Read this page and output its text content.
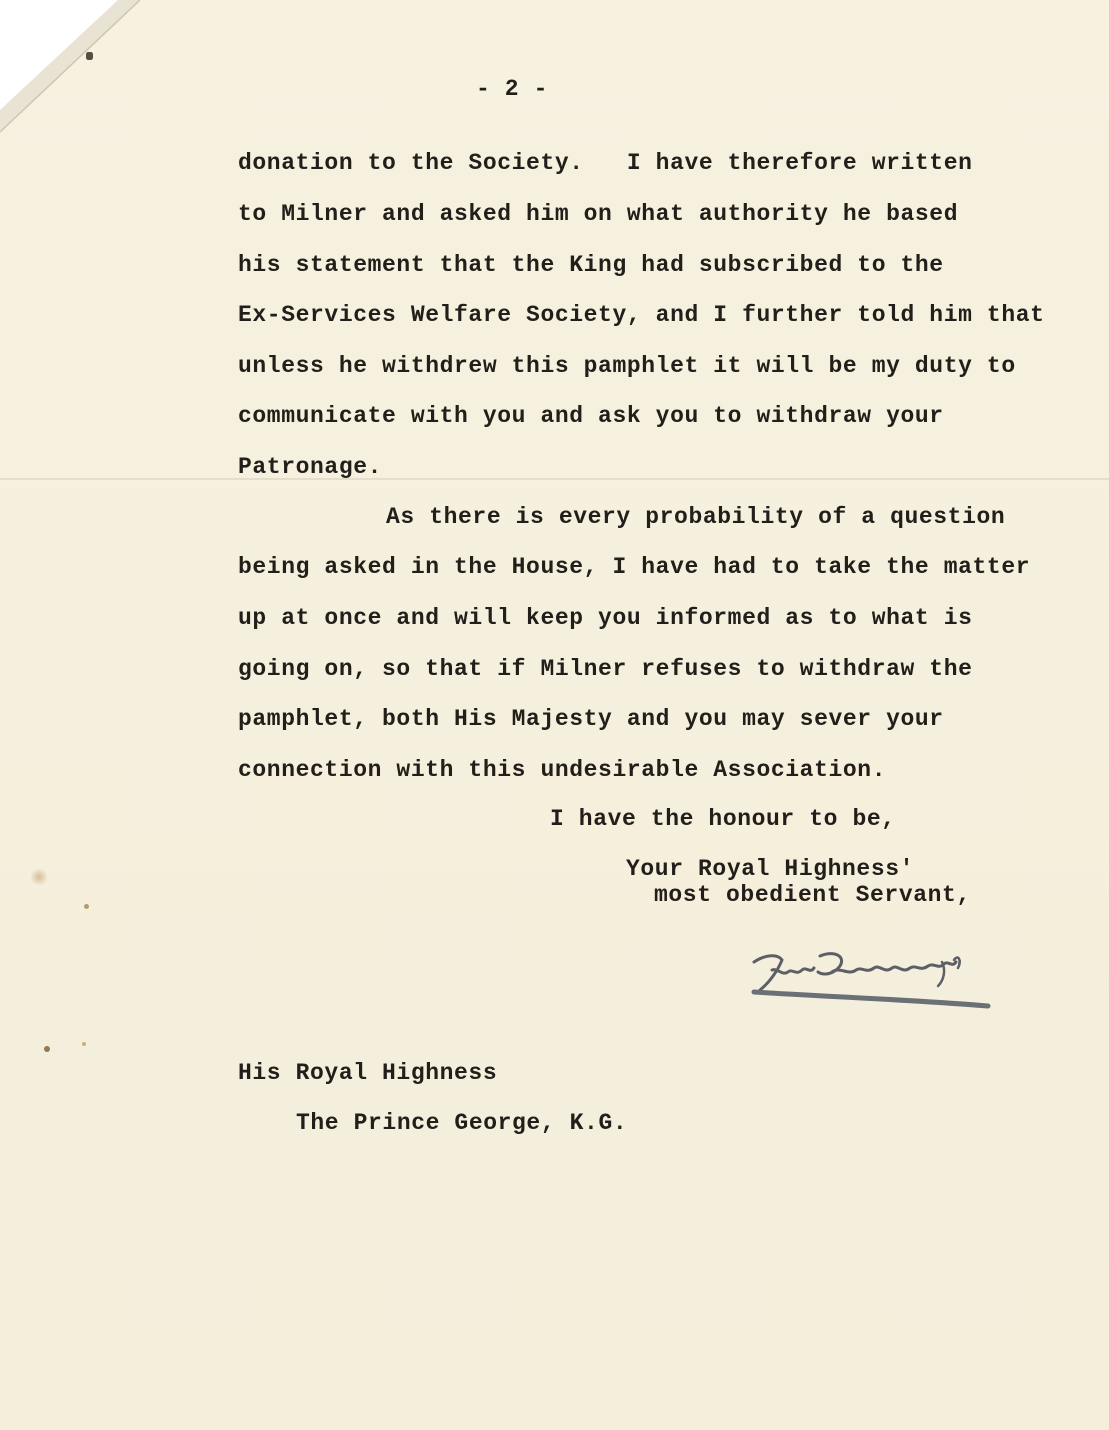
- 2 -
donation to the Society.   I have therefore written
to Milner and asked him on what authority he based
his statement that the King had subscribed to the
Ex-Services Welfare Society, and I further told him that
unless he withdrew this pamphlet it will be my duty to
communicate with you and ask you to withdraw your
Patronage.
As there is every probability of a question
being asked in the House, I have had to take the matter
up at once and will keep you informed as to what is
going on, so that if Milner refuses to withdraw the
pamphlet, both His Majesty and you may sever your
connection with this undesirable Association.
I have the honour to be,
Your Royal Highness'
most obedient Servant,
His Royal Highness
The Prince George, K.G.
